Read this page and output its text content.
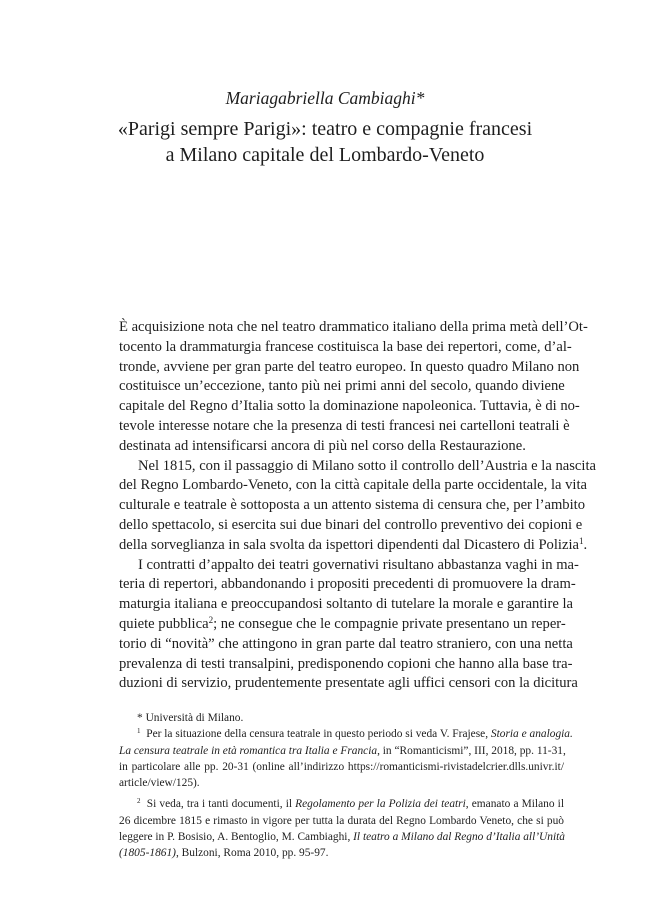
Mariagabriella Cambiaghi*
«Parigi sempre Parigi»: teatro e compagnie francesi
a Milano capitale del Lombardo-Veneto
È acquisizione nota che nel teatro drammatico italiano della prima metà dell’Ot-
tocento la drammaturgia francese costituisca la base dei repertori, come, d’al-
tronde, avviene per gran parte del teatro europeo. In questo quadro Milano non
costituisce un’eccezione, tanto più nei primi anni del secolo, quando diviene
capitale del Regno d’Italia sotto la dominazione napoleonica. Tuttavia, è di no-
tevole interesse notare che la presenza di testi francesi nei cartelloni teatrali è
destinata ad intensificarsi ancora di più nel corso della Restaurazione.
Nel 1815, con il passaggio di Milano sotto il controllo dell’Austria e la nascita
del Regno Lombardo-Veneto, con la città capitale della parte occidentale, la vita
culturale e teatrale è sottoposta a un attento sistema di censura che, per l’ambito
dello spettacolo, si esercita sui due binari del controllo preventivo dei copioni e
della sorveglianza in sala svolta da ispettori dipendenti dal Dicastero di Polizia$^1$.
I contratti d’appalto dei teatri governativi risultano abbastanza vaghi in ma-
teria di repertori, abbandonando i propositi precedenti di promuovere la dram-
maturgia italiana e preoccupandosi soltanto di tutelare la morale e garantire la
quiete pubblica$^2$; ne consegue che le compagnie private presentano un reper-
torio di “novità” che attingono in gran parte dal teatro straniero, con una netta
prevalenza di testi transalpini, predisponendo copioni che hanno alla base tra-
duzioni di servizio, prudentemente presentate agli uffici censori con la dicitura
* Università di Milano.
$^1$ Per la situazione della censura teatrale in questo periodo si veda V. Frajese, Storia e analogia.
La censura teatrale in età romantica tra Italia e Francia, in “Romanticismi”, III, 2018, pp. 11-31,
in particolare alle pp. 20-31 (online all’indirizzo https://romanticismi-rivistadelcrier.dlls.univr.it/
article/view/125).
$^2$ Si veda, tra i tanti documenti, il Regolamento per la Polizia dei teatri, emanato a Milano il
26 dicembre 1815 e rimasto in vigore per tutta la durata del Regno Lombardo Veneto, che si può
leggere in P. Bosisio, A. Bentoglio, M. Cambiaghi, Il teatro a Milano dal Regno d’Italia all’Unità
(1805-1861), Bulzoni, Roma 2010, pp. 95-97.
